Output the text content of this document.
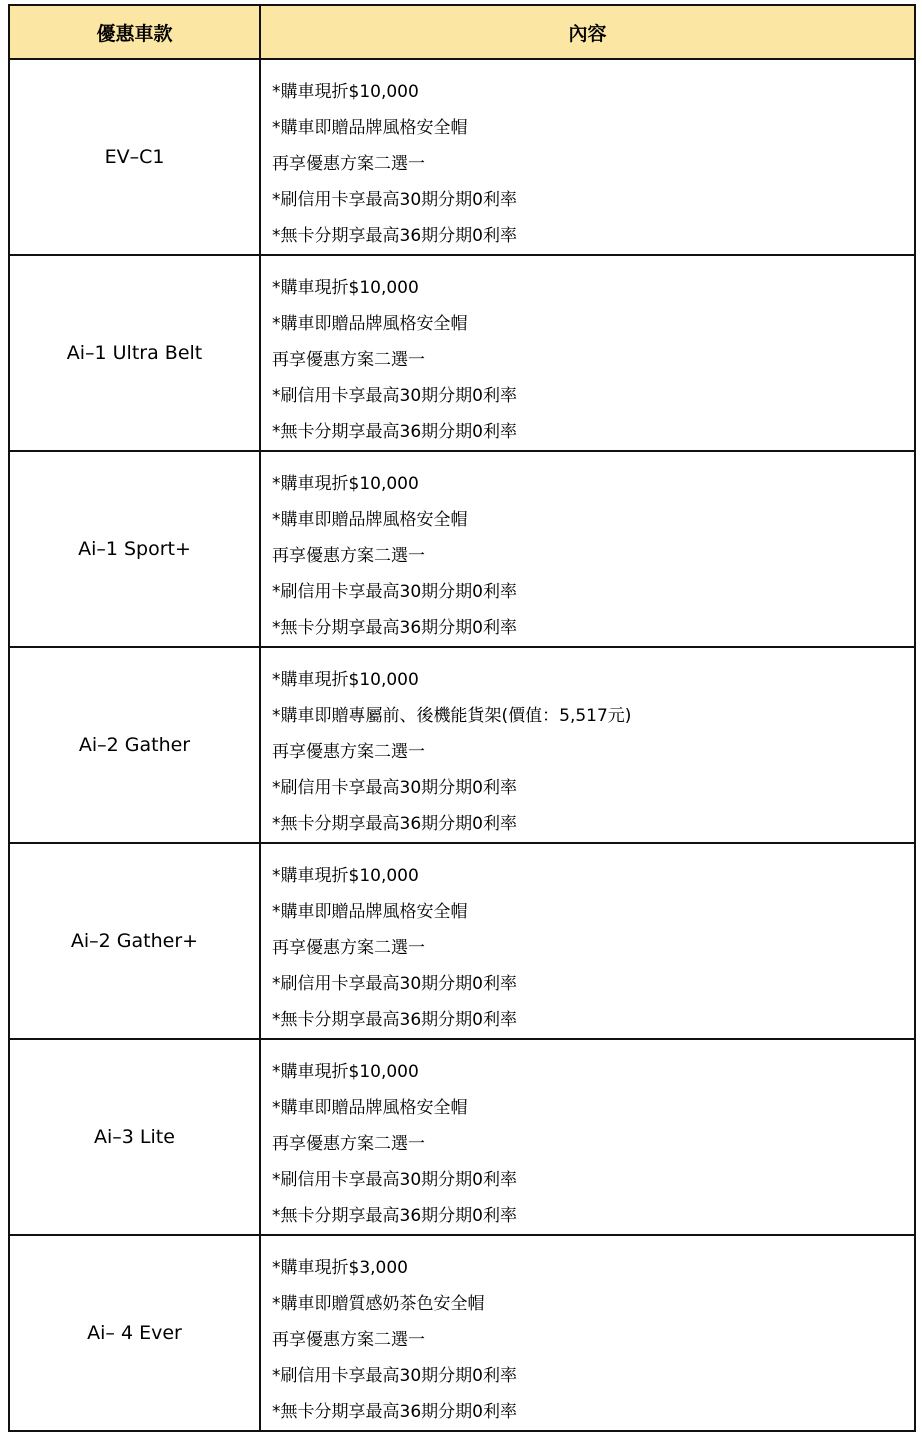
優惠車款	內容
EV–C1	*購車現折$10,000
*購車即贈品牌風格安全帽
再享優惠方案二選一
*刷信用卡享最高30期分期0利率
*無卡分期享最高36期分期0利率

Ai–1 Ultra Belt	*購車現折$10,000
*購車即贈品牌風格安全帽
再享優惠方案二選一
*刷信用卡享最高30期分期0利率
*無卡分期享最高36期分期0利率

Ai–1 Sport+	*購車現折$10,000
*購車即贈品牌風格安全帽
再享優惠方案二選一
*刷信用卡享最高30期分期0利率
*無卡分期享最高36期分期0利率

Ai–2 Gather	*購車現折$10,000
*購車即贈專屬前、後機能貨架(價值：5,517元)
再享優惠方案二選一
*刷信用卡享最高30期分期0利率
*無卡分期享最高36期分期0利率

Ai–2 Gather+	*購車現折$10,000
*購車即贈品牌風格安全帽
再享優惠方案二選一
*刷信用卡享最高30期分期0利率
*無卡分期享最高36期分期0利率

Ai–3 Lite	*購車現折$10,000
*購車即贈品牌風格安全帽
再享優惠方案二選一
*刷信用卡享最高30期分期0利率
*無卡分期享最高36期分期0利率

Ai– 4 Ever	*購車現折$3,000
*購車即贈質感奶茶色安全帽
再享優惠方案二選一
*刷信用卡享最高30期分期0利率
*無卡分期享最高36期分期0利率
